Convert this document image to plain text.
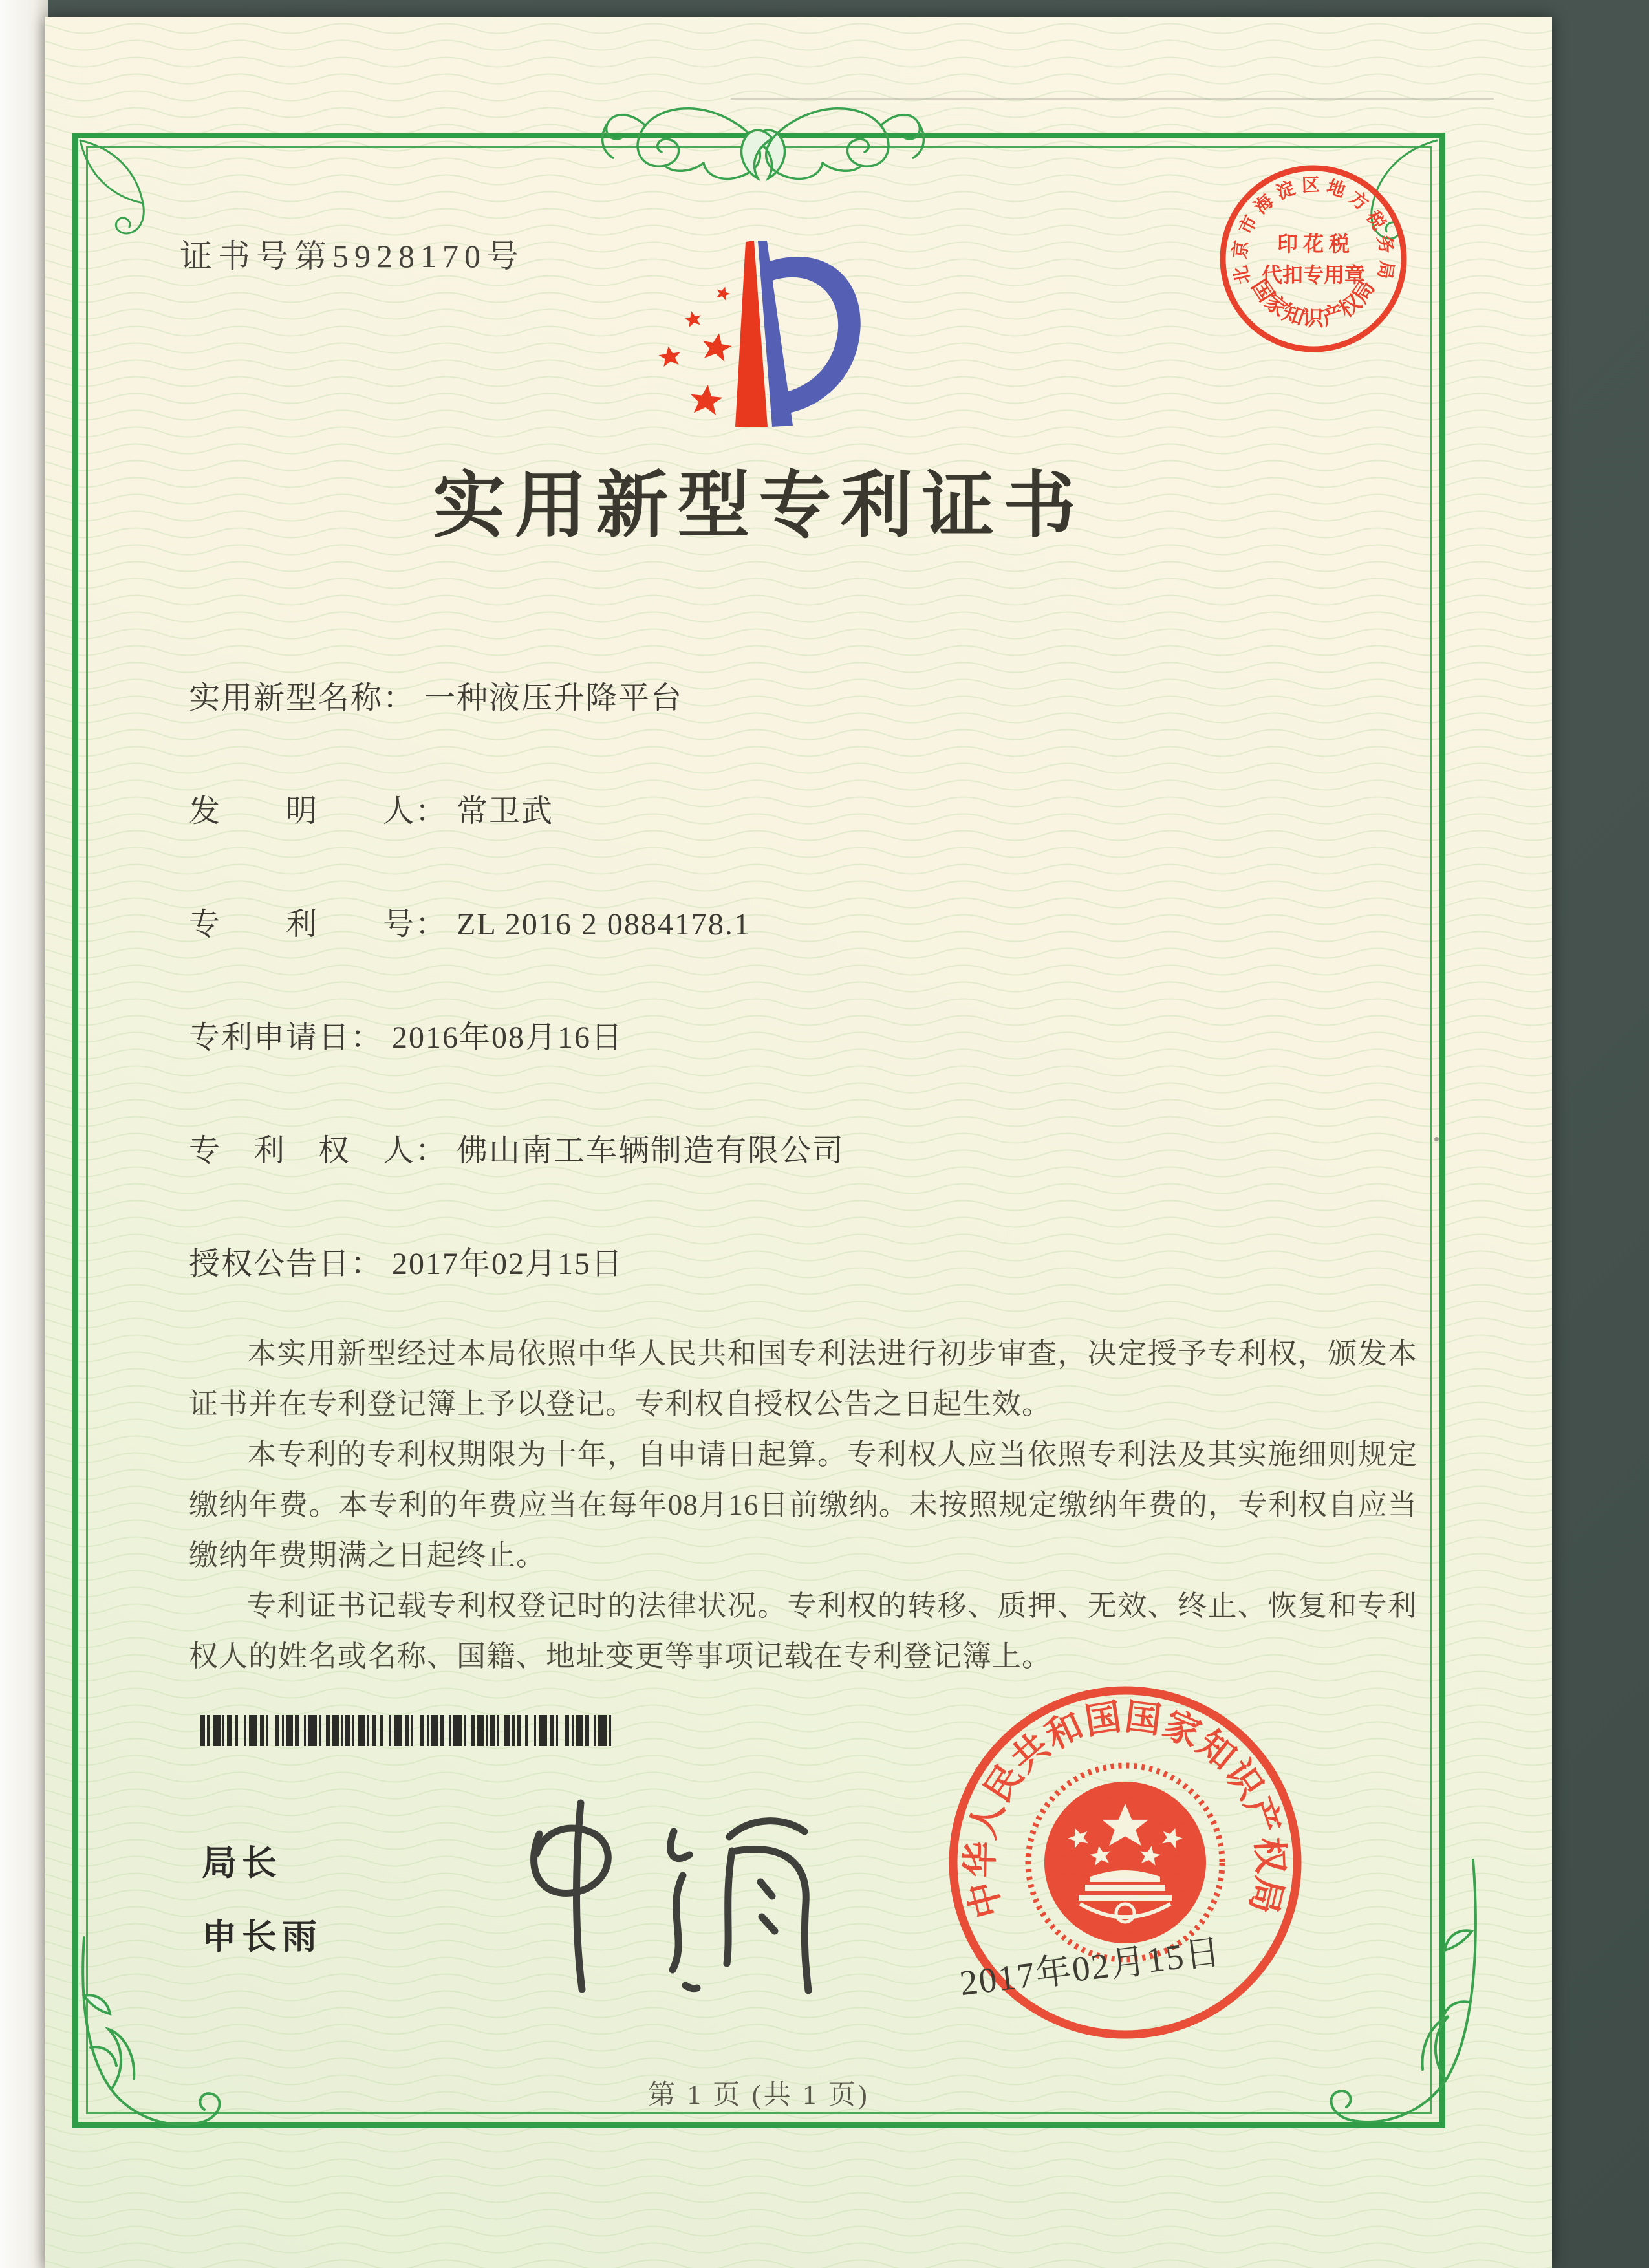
证书号第5928170号
北京市海淀区地方税务局
国家知识产权局
印 花 税
代扣专用章
实用新型专利证书
实用新型名称： 一种液压升降平台
发　　明　　人： 常卫武
专　　利　　号： ZL 2016 2 0884178.1
专利申请日： 2016年08月16日
专　利　权　人： 佛山南工车辆制造有限公司
授权公告日： 2017年02月15日

本实用新型经过本局依照中华人民共和国专利法进行初步审查，决定授予专利权，颁发本证书并在专利登记簿上予以登记。专利权自授权公告之日起生效。

本专利的专利权期限为十年，自申请日起算。专利权人应当依照专利法及其实施细则规定缴纳年费。本专利的年费应当在每年08月16日前缴纳。未按照规定缴纳年费的，专利权自应当缴纳年费期满之日起终止。

专利证书记载专利权登记时的法律状况。专利权的转移、质押、无效、终止、恢复和专利权人的姓名或名称、国籍、地址变更等事项记载在专利登记簿上。

局长
申长雨
中华人民共和国国家知识产权局
2017年02月15日
第 1 页 (共 1 页)
